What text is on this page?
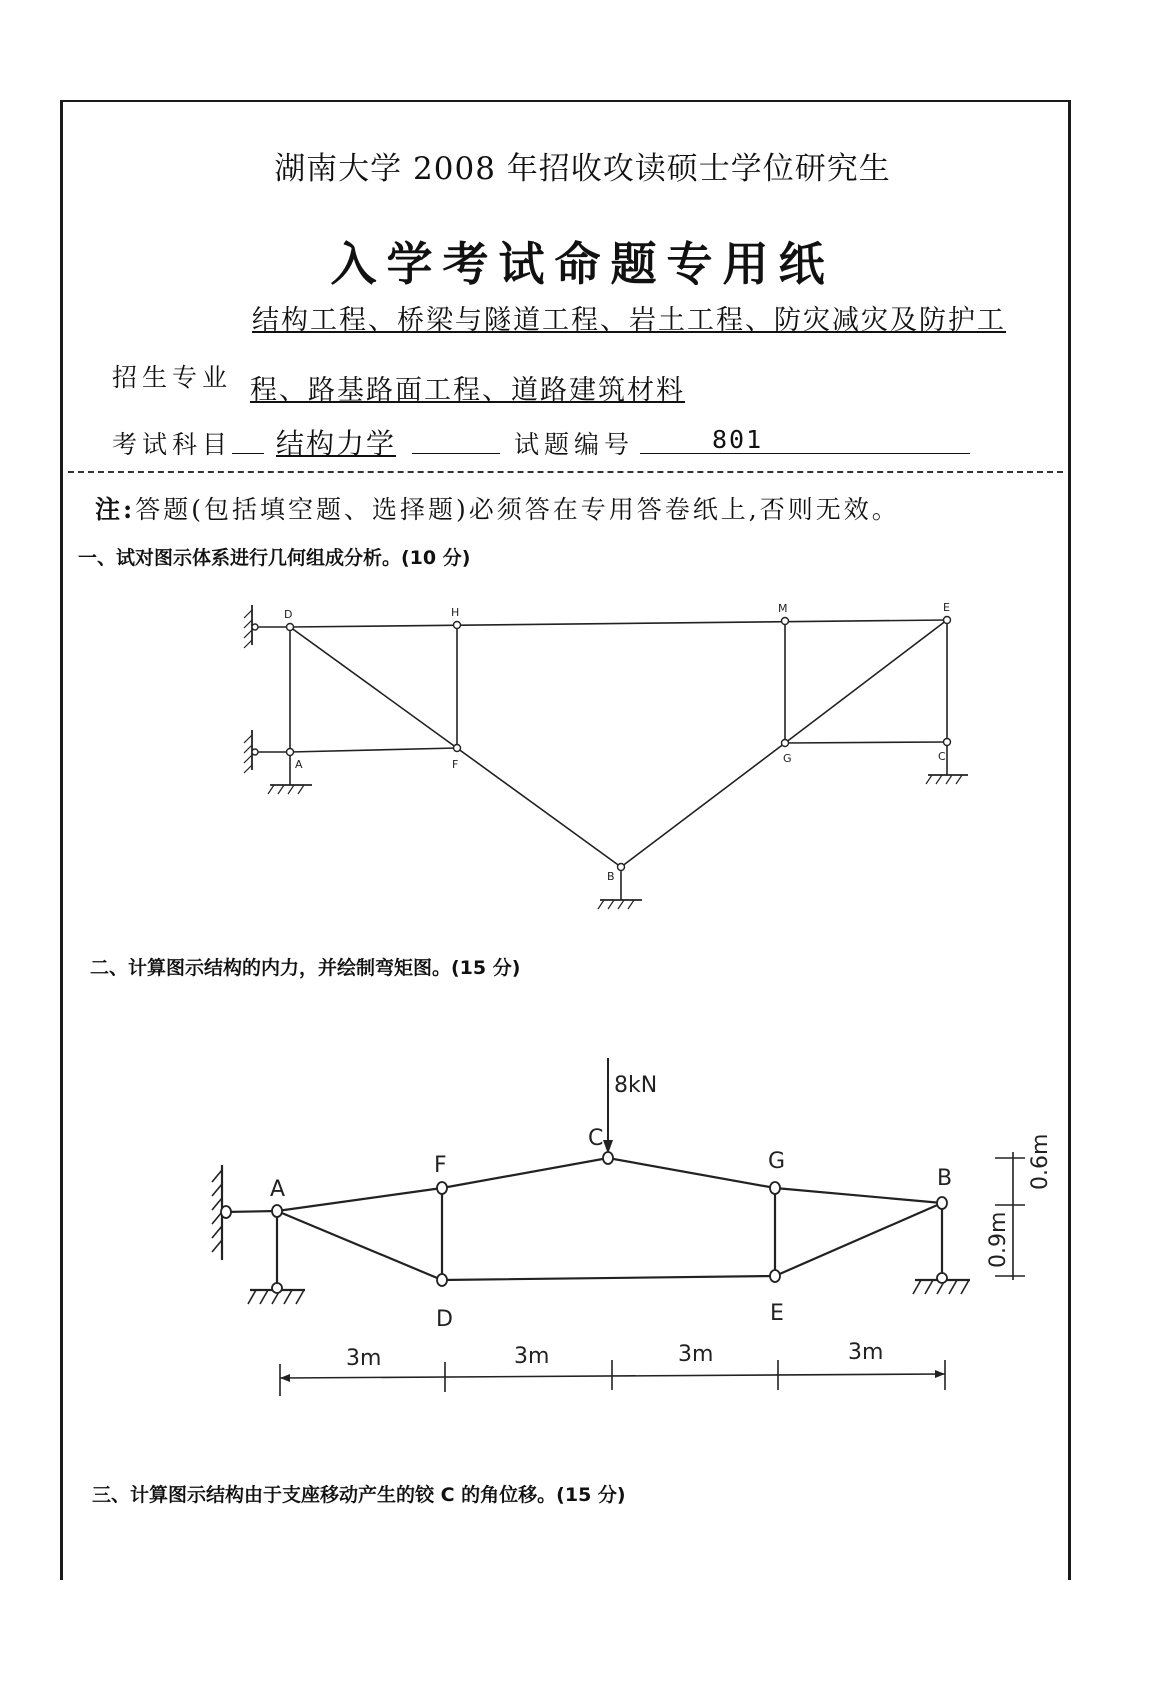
湖南大学 2008 年招收攻读硕士学位研究生
入学考试命题专用纸
结构工程、桥梁与隧道工程、岩土工程、防灾减灾及防护工
招生专业 程、路基路面工程、道路建筑材料
考试科目 结构力学	试题编号	801
注:答题(包括填空题、选择题)必须答在专用答卷纸上,否则无效。
一、试对图示体系进行几何组成分析。(10 分)
二、计算图示结构的内力，并绘制弯矩图。(15 分)
三、计算图示结构由于支座移动产生的铰 C 的角位移。(15 分)
D	H	M	E
A	F	G	C
B
8kN
A
F
C
G
B
D	E
3m	3m	3m	3m
0.6m
0.9m
